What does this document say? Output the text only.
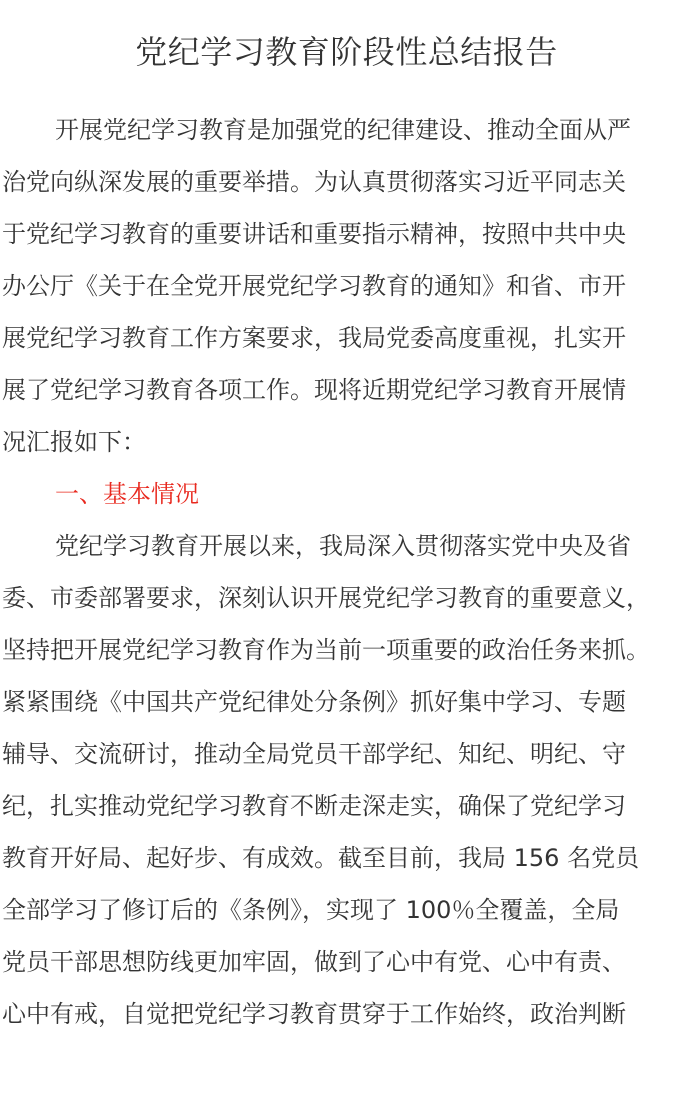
党纪学习教育阶段性总结报告
开展党纪学习教育是加强党的纪律建设、推动全面从严
治党向纵深发展的重要举措。为认真贯彻落实习近平同志关
于党纪学习教育的重要讲话和重要指示精神，按照中共中央
办公厅《关于在全党开展党纪学习教育的通知》和省、市开
展党纪学习教育工作方案要求，我局党委高度重视，扎实开
展了党纪学习教育各项工作。现将近期党纪学习教育开展情
况汇报如下：
一、基本情况
党纪学习教育开展以来，我局深入贯彻落实党中央及省
委、市委部署要求，深刻认识开展党纪学习教育的重要意义，
坚持把开展党纪学习教育作为当前一项重要的政治任务来抓。
紧紧围绕《中国共产党纪律处分条例》抓好集中学习、专题
辅导、交流研讨，推动全局党员干部学纪、知纪、明纪、守
纪，扎实推动党纪学习教育不断走深走实，确保了党纪学习
教育开好局、起好步、有成效。截至目前，我局 156 名党员
全部学习了修订后的《条例》，实现了 100％全覆盖，全局
党员干部思想防线更加牢固，做到了心中有党、心中有责、
心中有戒，自觉把党纪学习教育贯穿于工作始终，政治判断
